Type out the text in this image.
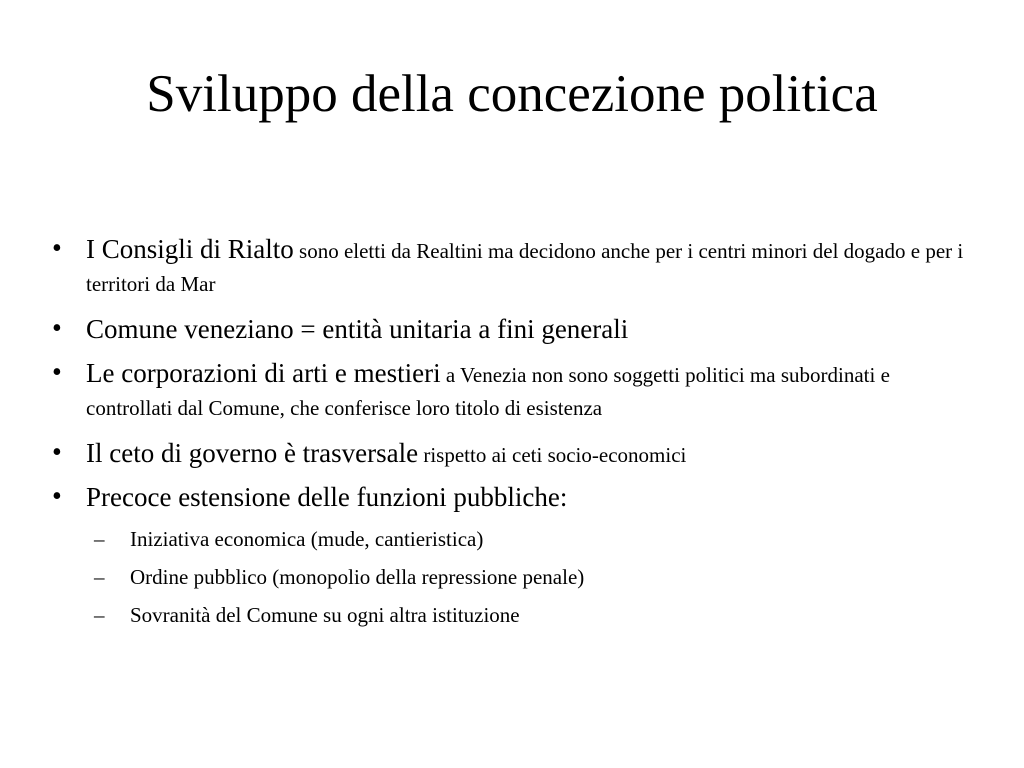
Sviluppo della concezione politica
• I Consigli di Rialto sono eletti da Realtini ma decidono anche per i centri minori del dogado e per i territori da Mar
• Comune veneziano = entità unitaria a fini generali
• Le corporazioni di arti e mestieri a Venezia non sono soggetti politici ma subordinati e controllati dal Comune, che conferisce loro titolo di esistenza
• Il ceto di governo è trasversale rispetto ai ceti socio-economici
• Precoce estensione delle funzioni pubbliche:
– Iniziativa economica (mude, cantieristica)
– Ordine pubblico (monopolio della repressione penale)
– Sovranità del Comune su ogni altra istituzione
